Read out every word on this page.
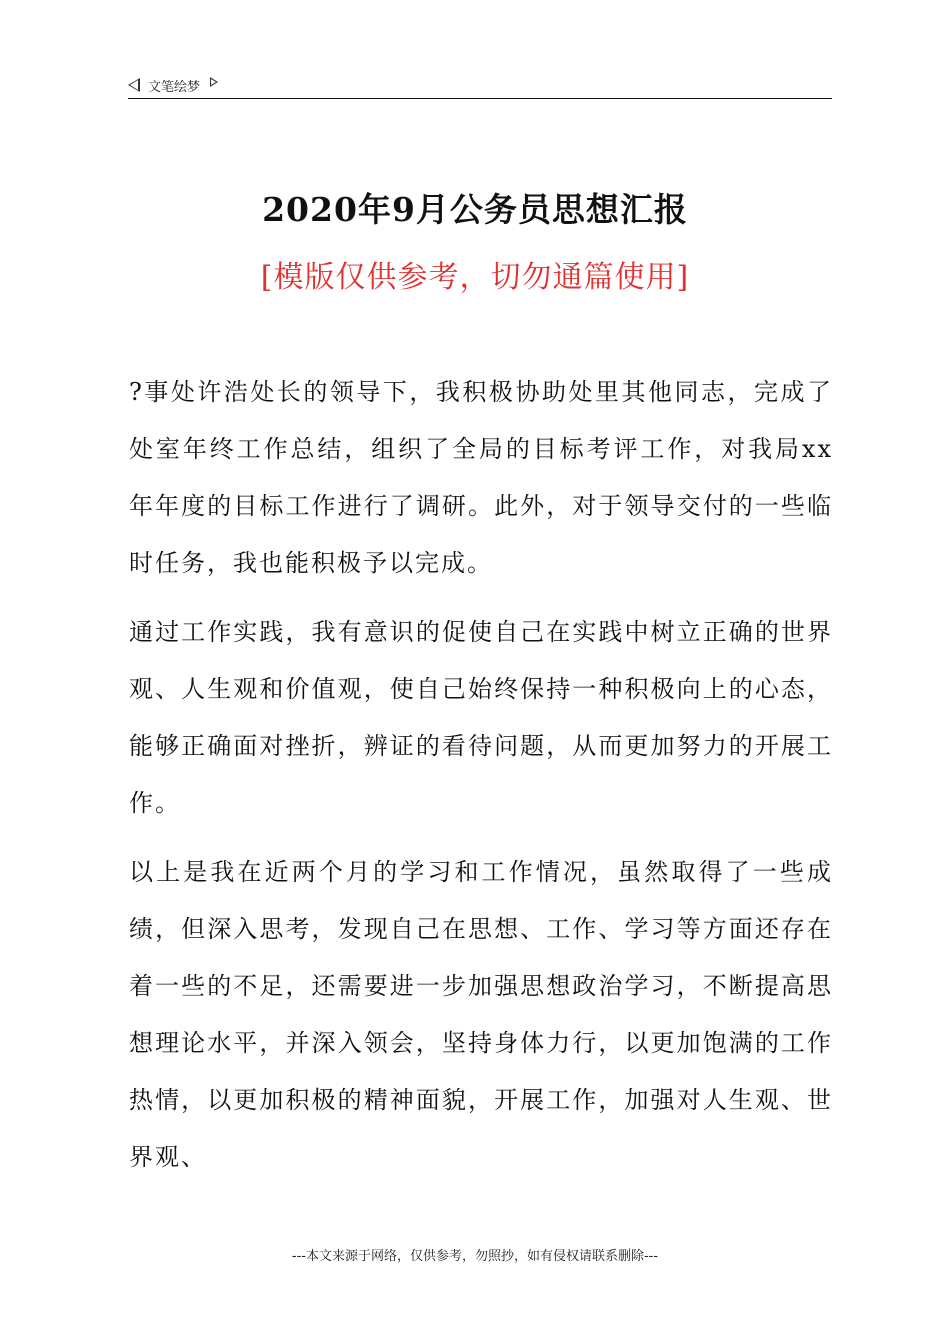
文笔绘梦
2020年9月公务员思想汇报
[模版仅供参考，切勿通篇使用]

?事处许浩处长的领导下，我积极协助处里其他同志，完成了处室年终工作总结，组织了全局的目标考评工作，对我局xx年年度的目标工作进行了调研。此外，对于领导交付的一些临时任务，我也能积极予以完成。

通过工作实践，我有意识的促使自己在实践中树立正确的世界观、人生观和价值观，使自己始终保持一种积极向上的心态，能够正确面对挫折，辨证的看待问题，从而更加努力的开展工作。

以上是我在近两个月的学习和工作情况，虽然取得了一些成绩，但深入思考，发现自己在思想、工作、学习等方面还存在着一些的不足，还需要进一步加强思想政治学习，不断提高思想理论水平，并深入领会，坚持身体力行，以更加饱满的工作热情，以更加积极的精神面貌，开展工作，加强对人生观、世界观、

---本文来源于网络，仅供参考，勿照抄，如有侵权请联系删除---
